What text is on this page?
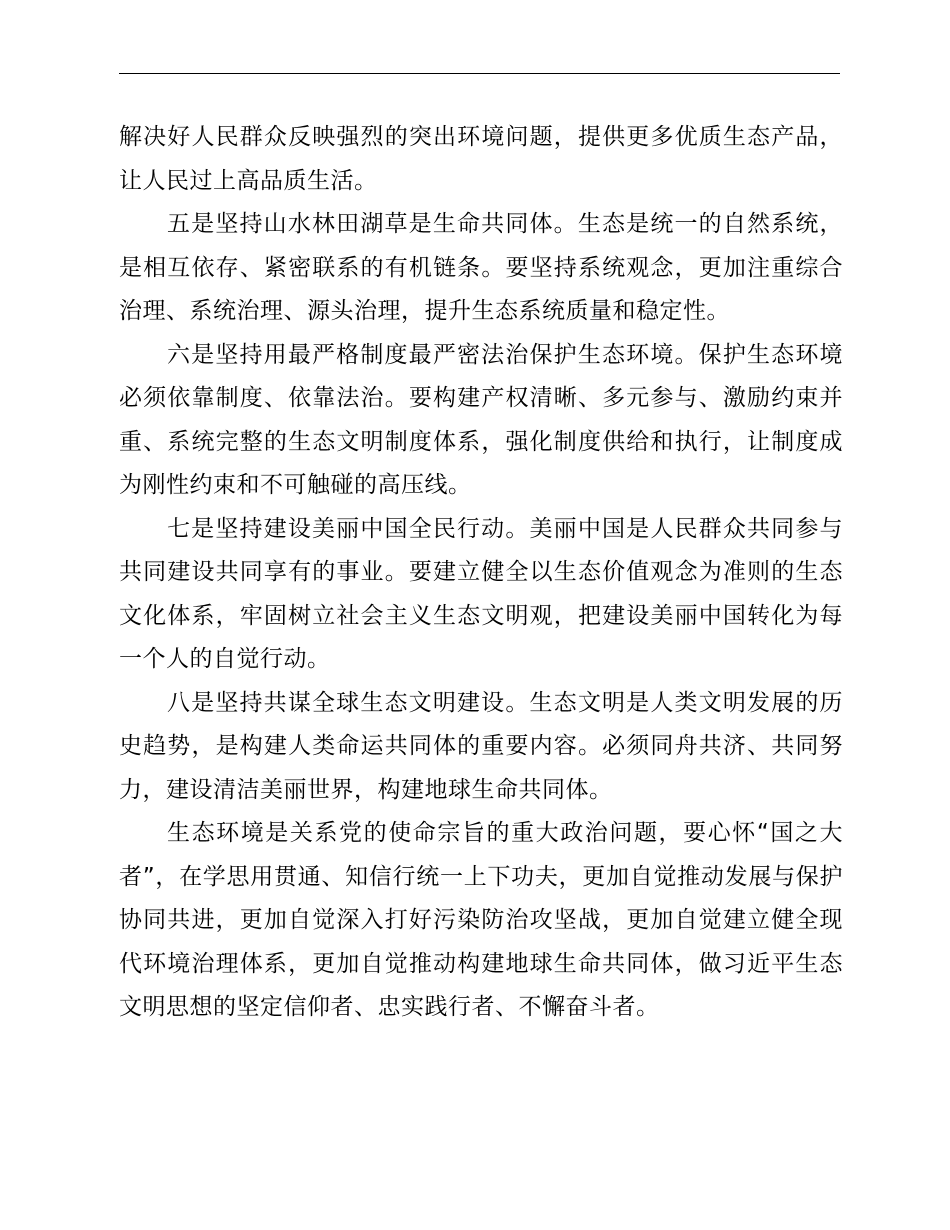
解决好人民群众反映强烈的突出环境问题，提供更多优质生态产品，让人民过上高品质生活。

五是坚持山水林田湖草是生命共同体。生态是统一的自然系统，是相互依存、紧密联系的有机链条。要坚持系统观念，更加注重综合治理、系统治理、源头治理，提升生态系统质量和稳定性。

六是坚持用最严格制度最严密法治保护生态环境。保护生态环境必须依靠制度、依靠法治。要构建产权清晰、多元参与、激励约束并重、系统完整的生态文明制度体系，强化制度供给和执行，让制度成为刚性约束和不可触碰的高压线。

七是坚持建设美丽中国全民行动。美丽中国是人民群众共同参与共同建设共同享有的事业。要建立健全以生态价值观念为准则的生态文化体系，牢固树立社会主义生态文明观，把建设美丽中国转化为每一个人的自觉行动。

八是坚持共谋全球生态文明建设。生态文明是人类文明发展的历史趋势，是构建人类命运共同体的重要内容。必须同舟共济、共同努力，建设清洁美丽世界，构建地球生命共同体。

生态环境是关系党的使命宗旨的重大政治问题，要心怀“国之大者”，在学思用贯通、知信行统一上下功夫，更加自觉推动发展与保护协同共进，更加自觉深入打好污染防治攻坚战，更加自觉建立健全现代环境治理体系，更加自觉推动构建地球生命共同体，做习近平生态文明思想的坚定信仰者、忠实践行者、不懈奋斗者。
